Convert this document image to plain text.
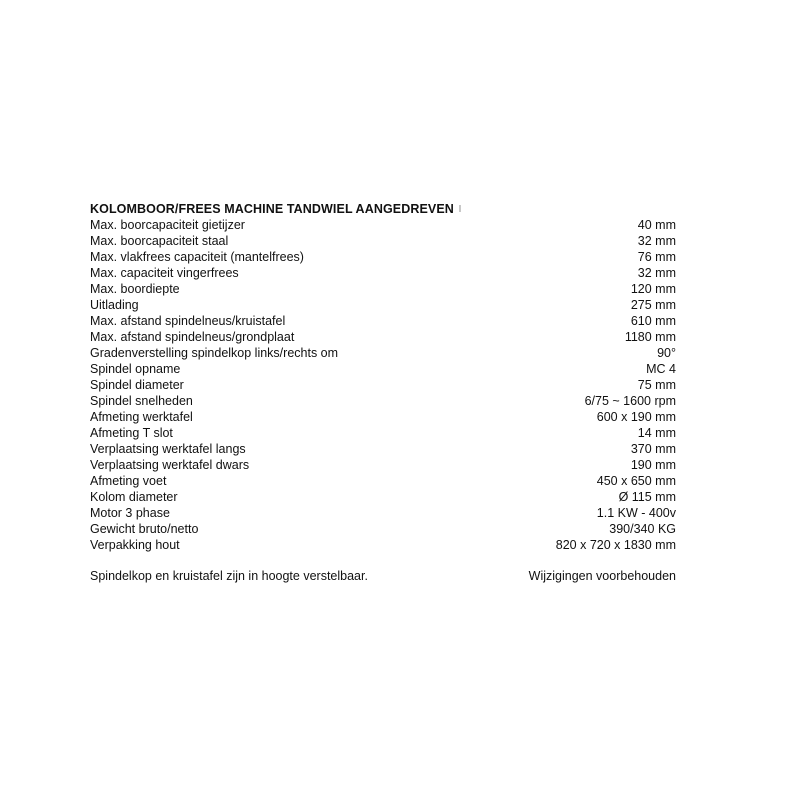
KOLOMBOOR/FREES MACHINE TANDWIEL AANGEDREVEN
Max. boorcapaciteit gietijzer	40 mm
Max. boorcapaciteit staal	32 mm
Max. vlakfrees capaciteit (mantelfrees)	76 mm
Max. capaciteit vingerfrees	32 mm
Max. boordiepte	120 mm
Uitlading	275 mm
Max. afstand spindelneus/kruistafel	610 mm
Max. afstand spindelneus/grondplaat	1180 mm
Gradenverstelling spindelkop links/rechts om	90°
Spindel opname	MC 4
Spindel diameter	75 mm
Spindel snelheden	6/75 ~ 1600 rpm
Afmeting werktafel	600 x 190 mm
Afmeting T slot	14 mm
Verplaatsing werktafel langs	370 mm
Verplaatsing werktafel dwars	190 mm
Afmeting voet	450 x 650 mm
Kolom diameter	Ø 115 mm
Motor 3 phase	1.1 KW - 400v
Gewicht bruto/netto	390/340 KG
Verpakking hout	820 x 720 x 1830 mm
Spindelkop en kruistafel zijn in hoogte verstelbaar.	Wijzigingen voorbehouden
